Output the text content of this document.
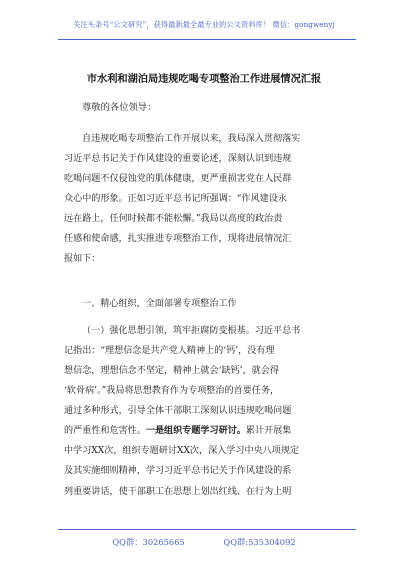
关注头条号“公文研究”，获得最新最全最专业的公文资料库！ 微信：gongwenyj
市水利和湖泊局违规吃喝专项整治工作进展情况汇报
尊敬的各位领导：
自违规吃喝专项整治工作开展以来，我局深入贯彻落实
习近平总书记关于作风建设的重要论述，深刻认识到违规
吃喝问题不仅侵蚀党的肌体健康，更严重损害党在人民群
众心中的形象。正如习近平总书记所强调：“作风建设永
远在路上，任何时候都不能松懈。”我局以高度的政治责
任感和使命感，扎实推进专项整治工作，现将进展情况汇
报如下：
一、精心组织，全面部署专项整治工作
（一）强化思想引领，筑牢拒腐防变根基。习近平总书
记指出：“理想信念是共产党人精神上的‘钙’，没有理
想信念，理想信念不坚定，精神上就会‘缺钙’，就会得
‘软骨病’。”我局将思想教育作为专项整治的首要任务，
通过多种形式，引导全体干部职工深刻认识违规吃喝问题
的严重性和危害性。一是组织专题学习研讨。累计开展集
中学习XX次，组织专题研讨XX次，深入学习中央八项规定
及其实施细则精神，学习习近平总书记关于作风建设的系
列重要讲话，使干部职工在思想上划出红线、在行为上明
QQ群：30265665	QQ群:535304092
